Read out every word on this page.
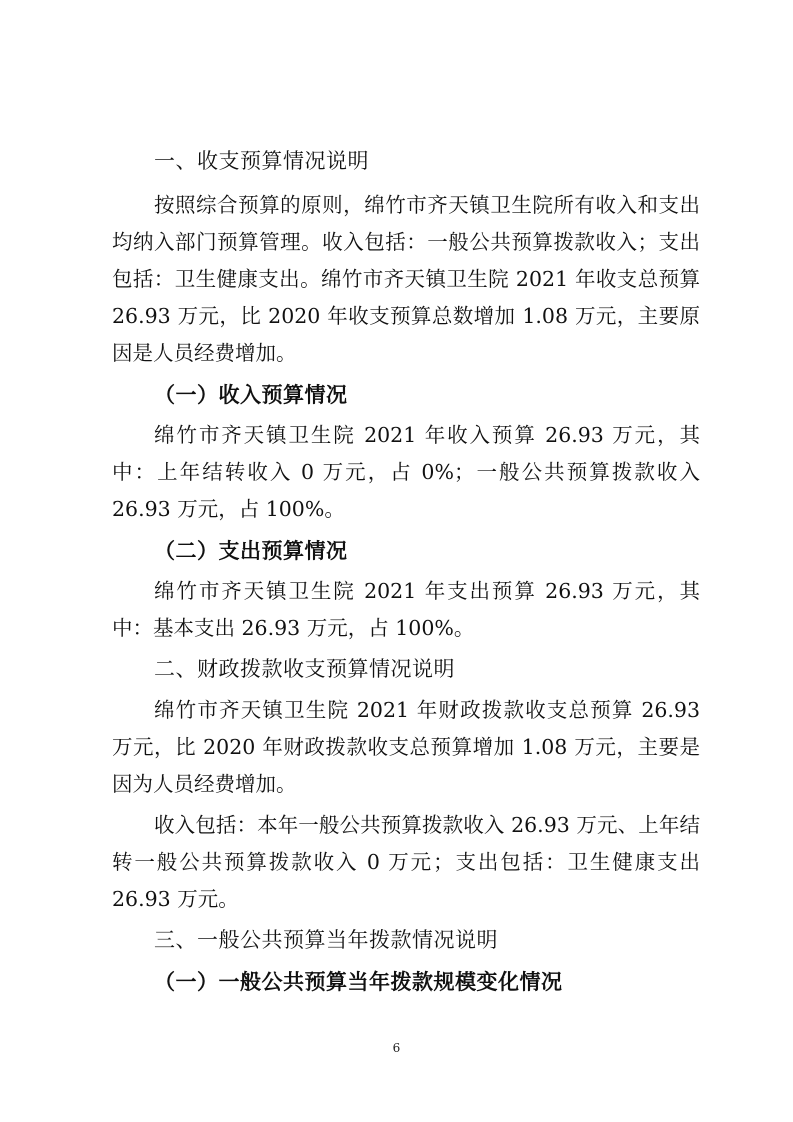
一、收支预算情况说明

按照综合预算的原则，绵竹市齐天镇卫生院所有收入和支出均纳入部门预算管理。收入包括：一般公共预算拨款收入；支出包括：卫生健康支出。绵竹市齐天镇卫生院 2021 年收支总预算 26.93 万元，比 2020 年收支预算总数增加 1.08 万元，主要原因是人员经费增加。

（一）收入预算情况

绵竹市齐天镇卫生院 2021 年收入预算 26.93 万元，其中：上年结转收入 0 万元，占 0%；一般公共预算拨款收入 26.93 万元，占 100%。

（二）支出预算情况

绵竹市齐天镇卫生院 2021 年支出预算 26.93 万元，其中：基本支出 26.93 万元，占 100%。

二、财政拨款收支预算情况说明

绵竹市齐天镇卫生院 2021 年财政拨款收支总预算 26.93 万元，比 2020 年财政拨款收支总预算增加 1.08 万元，主要是因为人员经费增加。

收入包括：本年一般公共预算拨款收入 26.93 万元、上年结转一般公共预算拨款收入 0 万元；支出包括：卫生健康支出 26.93 万元。

三、一般公共预算当年拨款情况说明
（一）一般公共预算当年拨款规模变化情况
6
